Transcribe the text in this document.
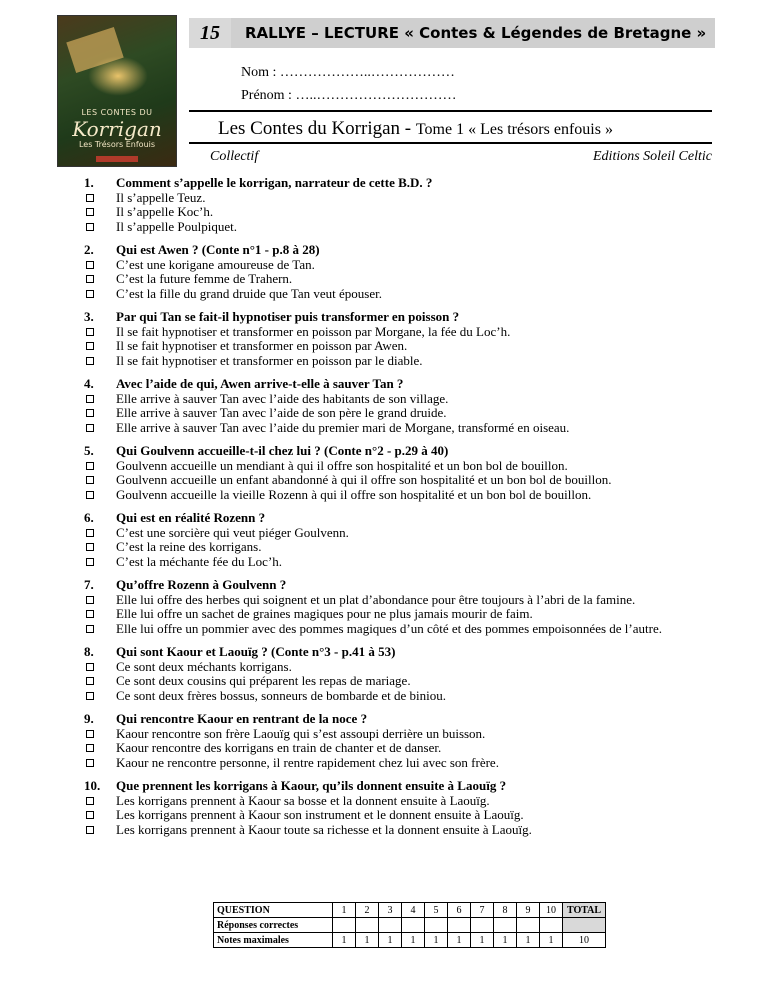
LES CONTES DU
Korrigan
Les Trésors Enfouis
15	RALLYE – LECTURE « Contes & Légendes de Bretagne »
Nom : ………………..………………
Prénom : …..…………………………
Les Contes du Korrigan - Tome 1 « Les trésors enfouis »
Collectif	Editions Soleil Celtic
1.	Comment s’appelle le korrigan, narrateur de cette B.D. ?
Il s’appelle Teuz.
Il s’appelle Koc’h.
Il s’appelle Poulpiquet.
2.	Qui est Awen ? (Conte n°1 - p.8 à 28)
C’est une korigane amoureuse de Tan.
C’est la future femme de Trahern.
C’est la fille du grand druide que Tan veut épouser.
3.	Par qui Tan se fait-il hypnotiser puis transformer en poisson ?
Il se fait hypnotiser et transformer en poisson par Morgane, la fée du Loc’h.
Il se fait hypnotiser et transformer en poisson par Awen.
Il se fait hypnotiser et transformer en poisson par le diable.
4.	Avec l’aide de qui, Awen arrive-t-elle à sauver Tan ?
Elle arrive à sauver Tan avec l’aide des habitants de son village.
Elle arrive à sauver Tan avec l’aide de son père le grand druide.
Elle arrive à sauver Tan avec l’aide du premier mari de Morgane, transformé en oiseau.
5.	Qui Goulvenn accueille-t-il chez lui ? (Conte n°2 - p.29 à 40)
Goulvenn accueille un mendiant à qui il offre son hospitalité et un bon bol de bouillon.
Goulvenn accueille un enfant abandonné à qui il offre son hospitalité et un bon bol de bouillon.
Goulvenn accueille la vieille Rozenn à qui il offre son hospitalité et un bon bol de bouillon.
6.	Qui est en réalité Rozenn ?
C’est une sorcière qui veut piéger Goulvenn.
C’est la reine des korrigans.
C’est la méchante fée du Loc’h.
7.	Qu’offre Rozenn à Goulvenn ?
Elle lui offre des herbes qui soignent et un plat d’abondance pour être toujours à l’abri de la famine.
Elle lui offre un sachet de graines magiques pour ne plus jamais mourir de faim.
Elle lui offre un pommier avec des pommes magiques d’un côté et des pommes empoisonnées de l’autre.
8.	Qui sont Kaour et Laouïg ? (Conte n°3 - p.41 à 53)
Ce sont deux méchants korrigans.
Ce sont deux cousins qui préparent les repas de mariage.
Ce sont deux frères bossus, sonneurs de bombarde et de biniou.
9.	Qui rencontre Kaour en rentrant de la noce ?
Kaour rencontre son frère Laouïg qui s’est assoupi derrière un buisson.
Kaour rencontre des korrigans en train de chanter et de danser.
Kaour ne rencontre personne, il rentre rapidement chez lui avec son frère.
10.	Que prennent les korrigans à Kaour, qu’ils donnent ensuite à Laouïg ?
Les korrigans prennent à Kaour sa bosse et la donnent ensuite à Laouïg.
Les korrigans prennent à Kaour son instrument et le donnent ensuite à Laouïg.
Les korrigans prennent à Kaour toute sa richesse et la donnent ensuite à Laouïg.
QUESTION	1	2	3	4	5	6	7	8	9	10	TOTAL
Réponses correctes											
Notes maximales	1	1	1	1	1	1	1	1	1	1	10
